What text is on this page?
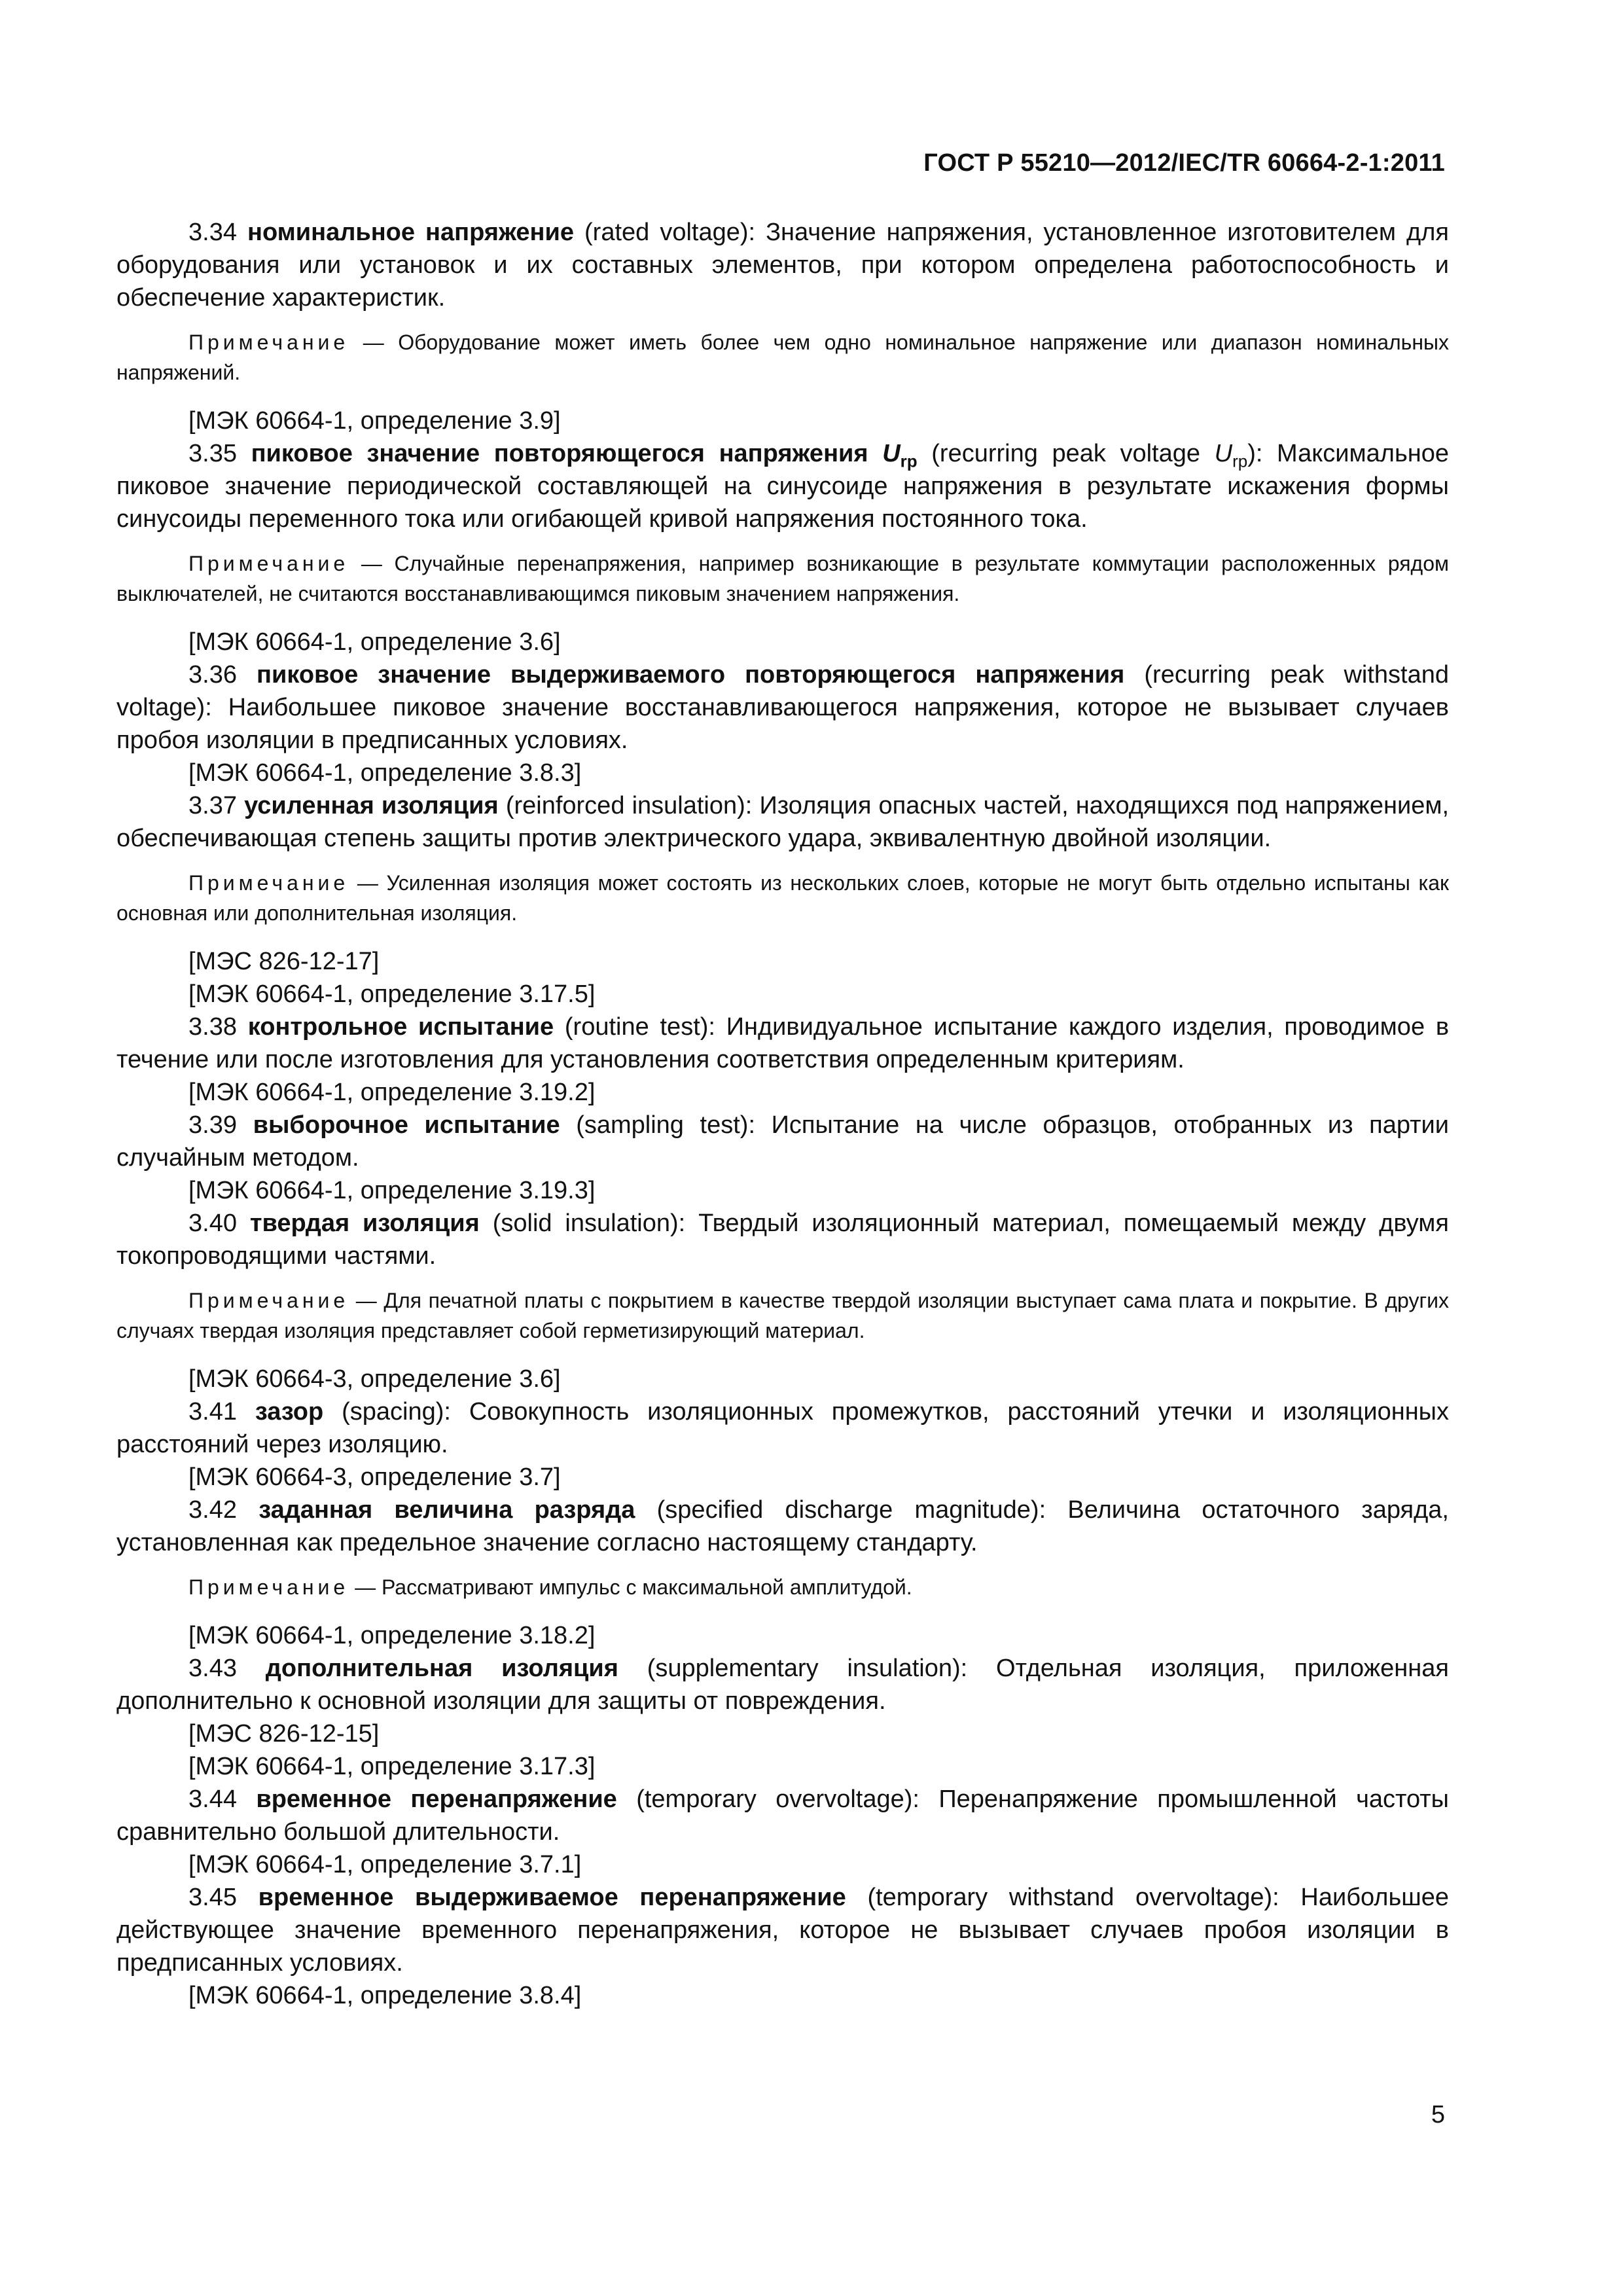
ГОСТ Р 55210—2012/IEC/TR 60664-2-1:2011

3.34 номинальное напряжение (rated voltage): Значение напряжения, установленное изготовителем для оборудования или установок и их составных элементов, при котором определена работоспособность и обеспечение характеристик.

Примечание — Оборудование может иметь более чем одно номинальное напряжение или диапазон номинальных напряжений.

[МЭК 60664-1, определение 3.9]

3.35 пиковое значение повторяющегося напряжения $U_{rp}$ (recurring peak voltage $U_{rp}$): Максимальное пиковое значение периодической составляющей на синусоиде напряжения в результате искажения формы синусоиды переменного тока или огибающей кривой напряжения постоянного тока.

Примечание — Случайные перенапряжения, например возникающие в результате коммутации расположенных рядом выключателей, не считаются восстанавливающимся пиковым значением напряжения.

[МЭК 60664-1, определение 3.6]

3.36 пиковое значение выдерживаемого повторяющегося напряжения (recurring peak withstand voltage): Наибольшее пиковое значение восстанавливающегося напряжения, которое не вызывает случаев пробоя изоляции в предписанных условиях.

[МЭК 60664-1, определение 3.8.3]

3.37 усиленная изоляция (reinforced insulation): Изоляция опасных частей, находящихся под напряжением, обеспечивающая степень защиты против электрического удара, эквивалентную двойной изоляции.

Примечание — Усиленная изоляция может состоять из нескольких слоев, которые не могут быть отдельно испытаны как основная или дополнительная изоляция.

[МЭС 826-12-17]

[МЭК 60664-1, определение 3.17.5]

3.38 контрольное испытание (routine test): Индивидуальное испытание каждого изделия, проводимое в течение или после изготовления для установления соответствия определенным критериям.

[МЭК 60664-1, определение 3.19.2]

3.39 выборочное испытание (sampling test): Испытание на числе образцов, отобранных из партии случайным методом.

[МЭК 60664-1, определение 3.19.3]

3.40 твердая изоляция (solid insulation): Твердый изоляционный материал, помещаемый между двумя токопроводящими частями.

Примечание — Для печатной платы с покрытием в качестве твердой изоляции выступает сама плата и покрытие. В других случаях твердая изоляция представляет собой герметизирующий материал.

[МЭК 60664-3, определение 3.6]

3.41 зазор (spacing): Совокупность изоляционных промежутков, расстояний утечки и изоляционных расстояний через изоляцию.

[МЭК 60664-3, определение 3.7]

3.42 заданная величина разряда (specified discharge magnitude): Величина остаточного заряда, установленная как предельное значение согласно настоящему стандарту.

Примечание — Рассматривают импульс с максимальной амплитудой.

[МЭК 60664-1, определение 3.18.2]

3.43 дополнительная изоляция (supplementary insulation): Отдельная изоляция, приложенная дополнительно к основной изоляции для защиты от повреждения.

[МЭС 826-12-15]

[МЭК 60664-1, определение 3.17.3]

3.44 временное перенапряжение (temporary overvoltage): Перенапряжение промышленной частоты сравнительно большой длительности.

[МЭК 60664-1, определение 3.7.1]

3.45 временное выдерживаемое перенапряжение (temporary withstand overvoltage): Наибольшее действующее значение временного перенапряжения, которое не вызывает случаев пробоя изоляции в предписанных условиях.

[МЭК 60664-1, определение 3.8.4]

5
